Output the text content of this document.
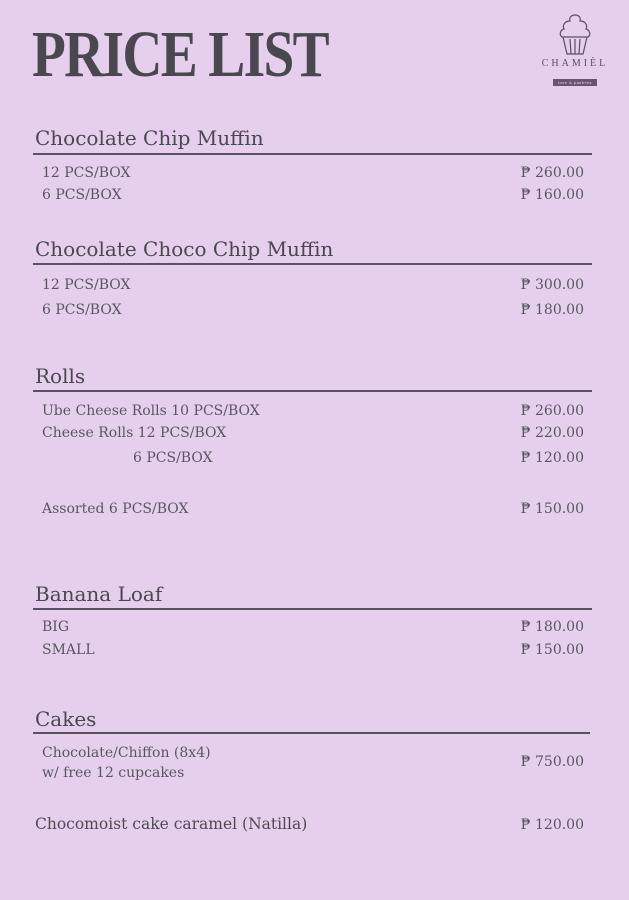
PRICE LIST	CHAMIÈL
love & pastries
Chocolate Chip Muffin
12 PCS/BOX	₱ 260.00
6 PCS/BOX	₱ 160.00
Chocolate Choco Chip Muffin
12 PCS/BOX	₱ 300.00
6 PCS/BOX	₱ 180.00
Rolls
Ube Cheese Rolls 10 PCS/BOX	₱ 260.00
Cheese Rolls 12 PCS/BOX	₱ 220.00
6 PCS/BOX	₱ 120.00
Assorted 6 PCS/BOX	₱ 150.00
Banana Loaf
BIG	₱ 180.00
SMALL	₱ 150.00
Cakes
Chocolate/Chiffon (8x4)
w/ free 12 cupcakes
₱ 750.00
Chocomoist cake caramel (Natilla)	₱ 120.00
